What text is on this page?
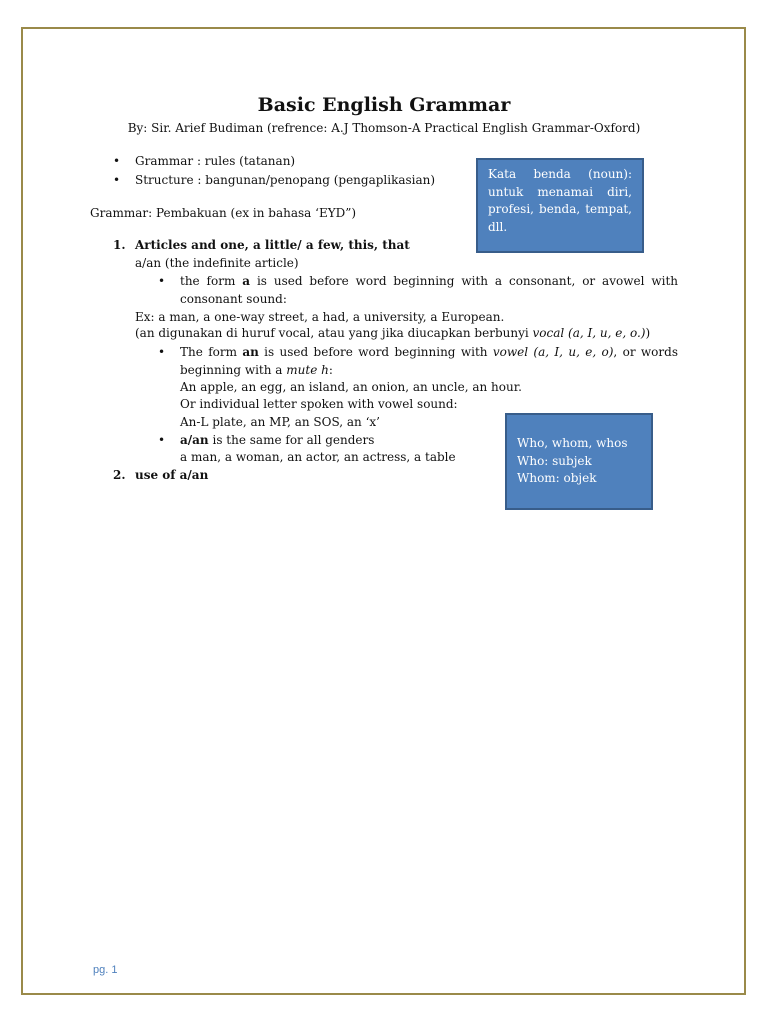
Basic English Grammar
By: Sir. Arief Budiman (refrence: A.J Thomson-A Practical English Grammar-Oxford)
• Grammar : rules (tatanan)
• Structure : bangunan/penopang (pengaplikasian)
Grammar: Pembakuan (ex in bahasa ‘EYD”)
1. Articles and one, a little/ a few, this, that
a/an (the indefinite article)
• the form a is used before word beginning with a consonant, or avowel with consonant sound:
Ex: a man, a one-way street, a had, a university, a European.
(an digunakan di huruf vocal, atau yang jika diucapkan berbunyi vocal (a, I, u, e, o.))
• The form an is used before word beginning with vowel (a, I, u, e, o), or words beginning with a mute h:
An apple, an egg, an island, an onion, an uncle, an hour.
Or individual letter spoken with vowel sound:
An-L plate, an MP, an SOS, an ‘x’
• a/an is the same for all genders
a man, a woman, an actor, an actress, a table
2. use of a/an
Kata benda (noun): untuk menamai diri, profesi, benda, tempat, dll.
Who, whom, whos
Who: subjek
Whom: objek
pg. 1
